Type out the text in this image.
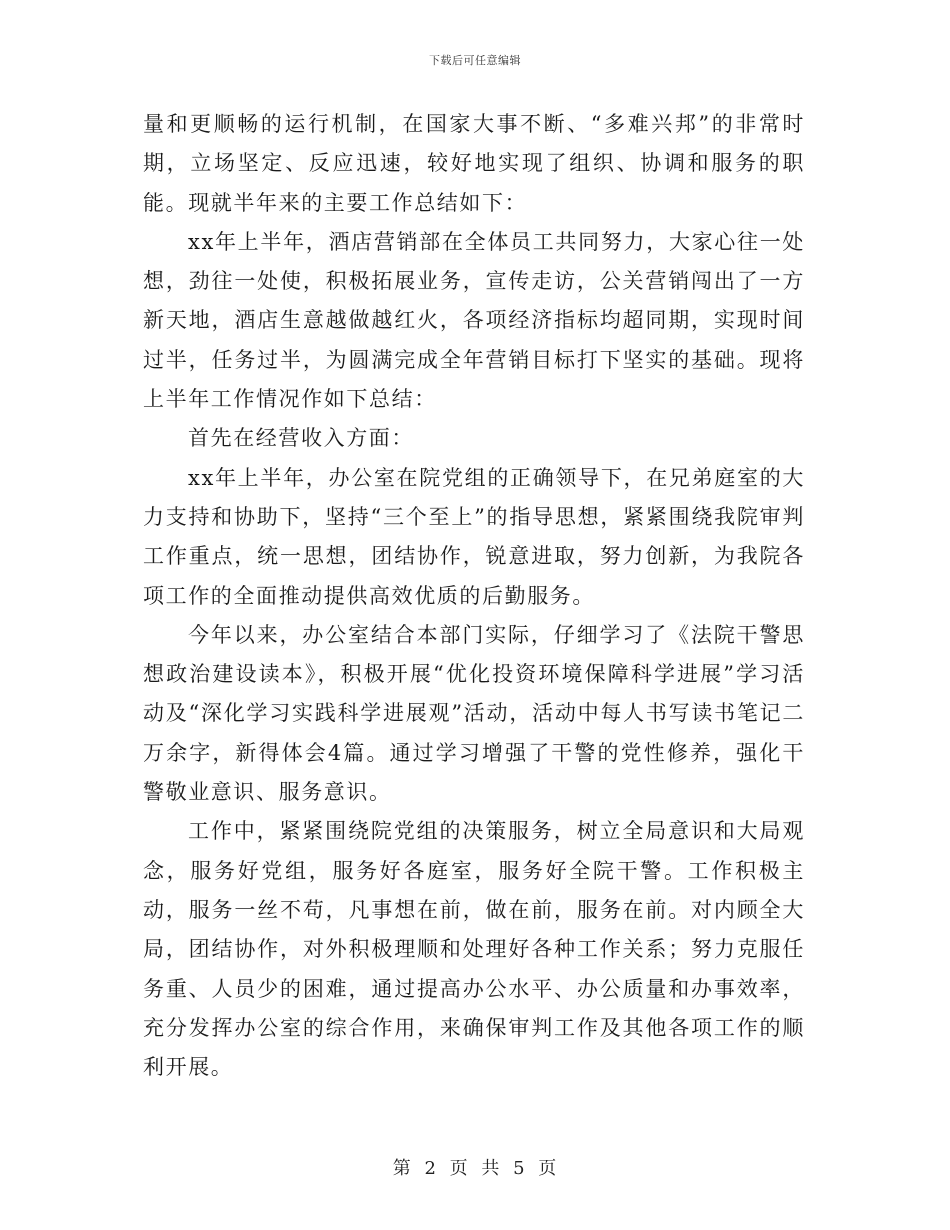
下载后可任意编辑

量和更顺畅的运行机制，在国家大事不断、“多难兴邦”的非常时期，立场坚定、反应迅速，较好地实现了组织、协调和服务的职能。现就半年来的主要工作总结如下：

xx年上半年，酒店营销部在全体员工共同努力，大家心往一处想，劲往一处使，积极拓展业务，宣传走访，公关营销闯出了一方新天地，酒店生意越做越红火，各项经济指标均超同期，实现时间过半，任务过半，为圆满完成全年营销目标打下坚实的基础。现将上半年工作情况作如下总结：

首先在经营收入方面：

xx年上半年，办公室在院党组的正确领导下，在兄弟庭室的大力支持和协助下，坚持“三个至上”的指导思想，紧紧围绕我院审判工作重点，统一思想，团结协作，锐意进取，努力创新，为我院各项工作的全面推动提供高效优质的后勤服务。

今年以来，办公室结合本部门实际，仔细学习了《法院干警思想政治建设读本》，积极开展“优化投资环境保障科学进展”学习活动及“深化学习实践科学进展观”活动，活动中每人书写读书笔记二万余字，新得体会4篇。通过学习增强了干警的党性修养，强化干警敬业意识、服务意识。

工作中，紧紧围绕院党组的决策服务，树立全局意识和大局观念，服务好党组，服务好各庭室，服务好全院干警。工作积极主动，服务一丝不苟，凡事想在前，做在前，服务在前。对内顾全大局，团结协作，对外积极理顺和处理好各种工作关系；努力克服任务重、人员少的困难，通过提高办公水平、办公质量和办事效率，充分发挥办公室的综合作用，来确保审判工作及其他各项工作的顺利开展。

第 2 页 共 5 页
